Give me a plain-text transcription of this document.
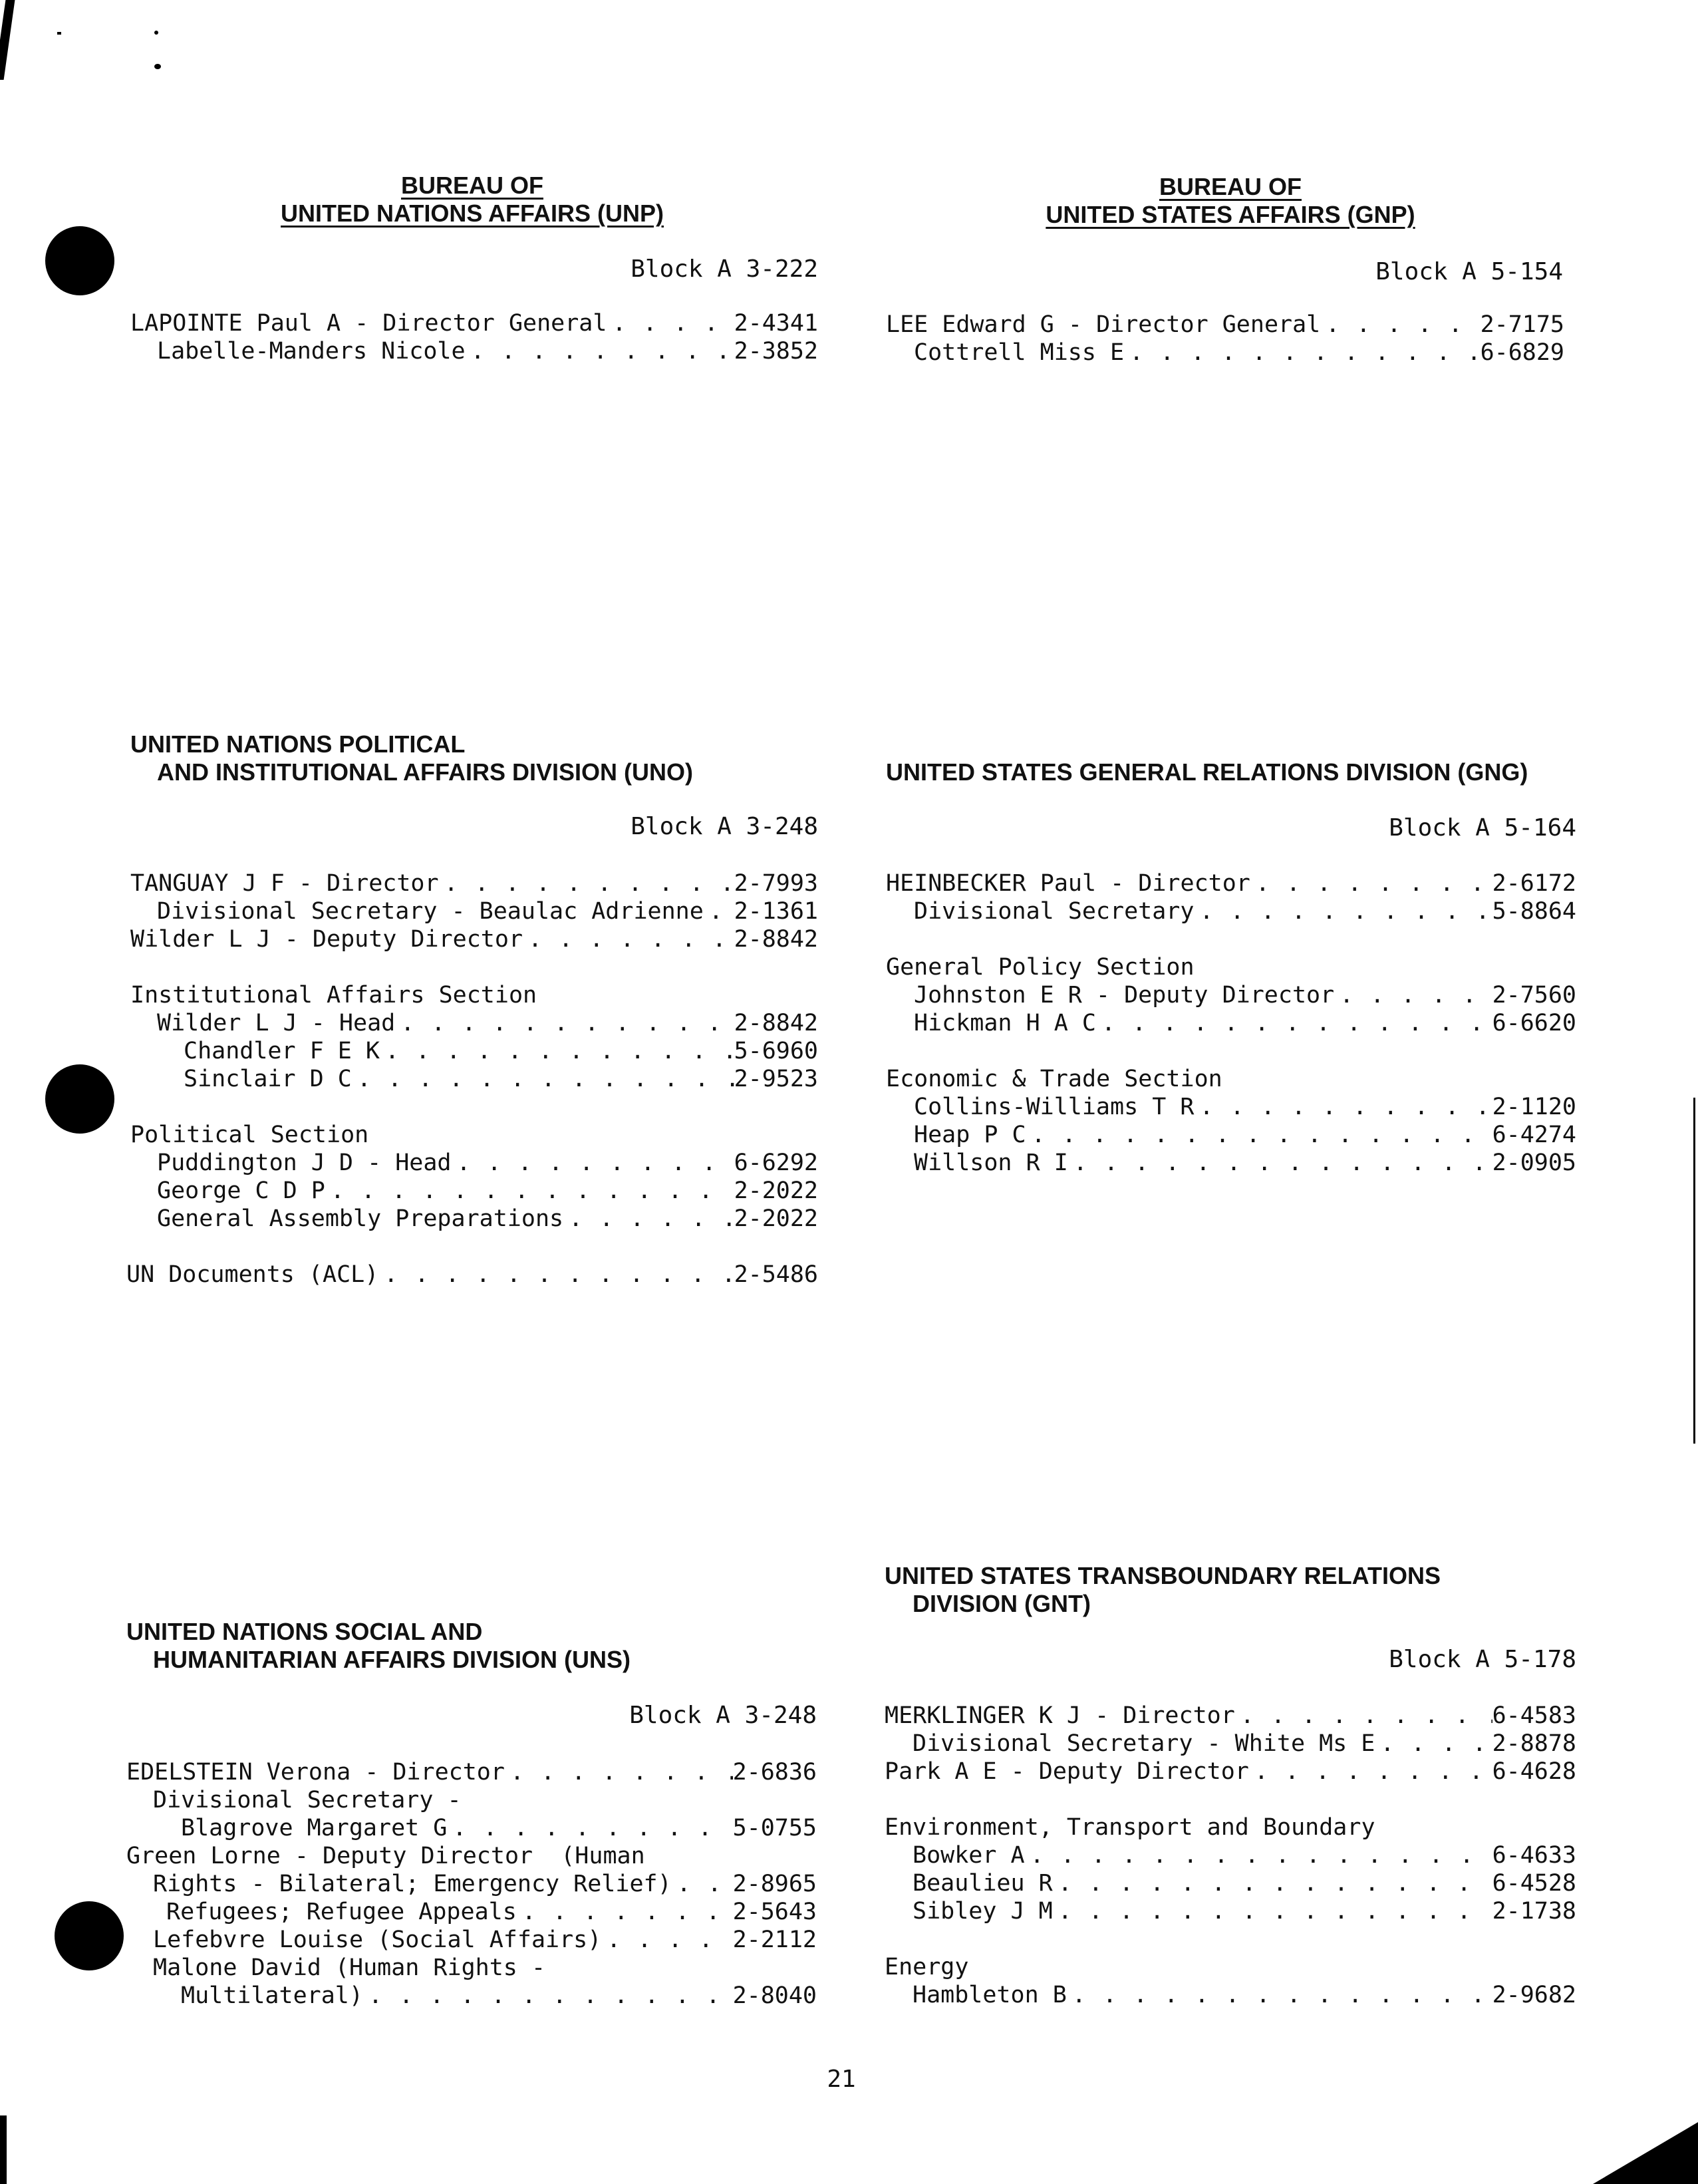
BUREAU OF
UNITED NATIONS AFFAIRS (UNP)
Block A 3-222
LAPOINTE Paul A - Director General . . .	2-4341
Labelle-Manders Nicole . . .	2-3852
BUREAU OF
UNITED STATES AFFAIRS (GNP)
Block A 5-154
LEE Edward G - Director General . . .	2-7175
Cottrell Miss E . . .	6-6829
UNITED NATIONS POLITICAL
AND INSTITUTIONAL AFFAIRS DIVISION (UNO)
Block A 3-248
TANGUAY J F - Director . . .	2-7993
Divisional Secretary - Beaulac Adrienne . . . 2-1361
Wilder L J - Deputy Director . . .	2-8842
Institutional Affairs Section
Wilder L J - Head . . .	2-8842
Chandler F E K . . .	5-6960
Sinclair D C . . .	2-9523
Political Section
Puddington J D - Head . . .	6-6292
George C D P . . .	2-2022
General Assembly Preparations . . .	2-2022
UN Documents (ACL) . . .	2-5486
UNITED STATES GENERAL RELATIONS DIVISION (GNG)
Block A 5-164
HEINBECKER Paul - Director . . .	2-6172
Divisional Secretary . . .	5-8864
General Policy Section
Johnston E R - Deputy Director . . .	2-7560
Hickman H A C . . .	6-6620
Economic & Trade Section
Collins-Williams T R . . .	2-1120
Heap P C . . .	6-4274
Willson R I . . .	2-0905
UNITED NATIONS SOCIAL AND
HUMANITARIAN AFFAIRS DIVISION (UNS)
Block A 3-248
EDELSTEIN Verona - Director . . .	2-6836
Divisional Secretary -
Blagrove Margaret G . . .	5-0755
Green Lorne - Deputy Director  (Human
Rights - Bilateral; Emergency Relief) . . .	2-8965
Refugees; Refugee Appeals . . .	2-5643
Lefebvre Louise (Social Affairs) . . .	2-2112
Malone David (Human Rights -
Multilateral) . . .	2-8040
UNITED STATES TRANSBOUNDARY RELATIONS
DIVISION (GNT)
Block A 5-178
MERKLINGER K J - Director . . .	6-4583
Divisional Secretary - White Ms E . . .	2-8878
Park A E - Deputy Director . . .	6-4628
Environment, Transport and Boundary
Bowker A . . .	6-4633
Beaulieu R . . .	6-4528
Sibley J M . . .	2-1738
Energy
Hambleton B . . .	2-9682
21
